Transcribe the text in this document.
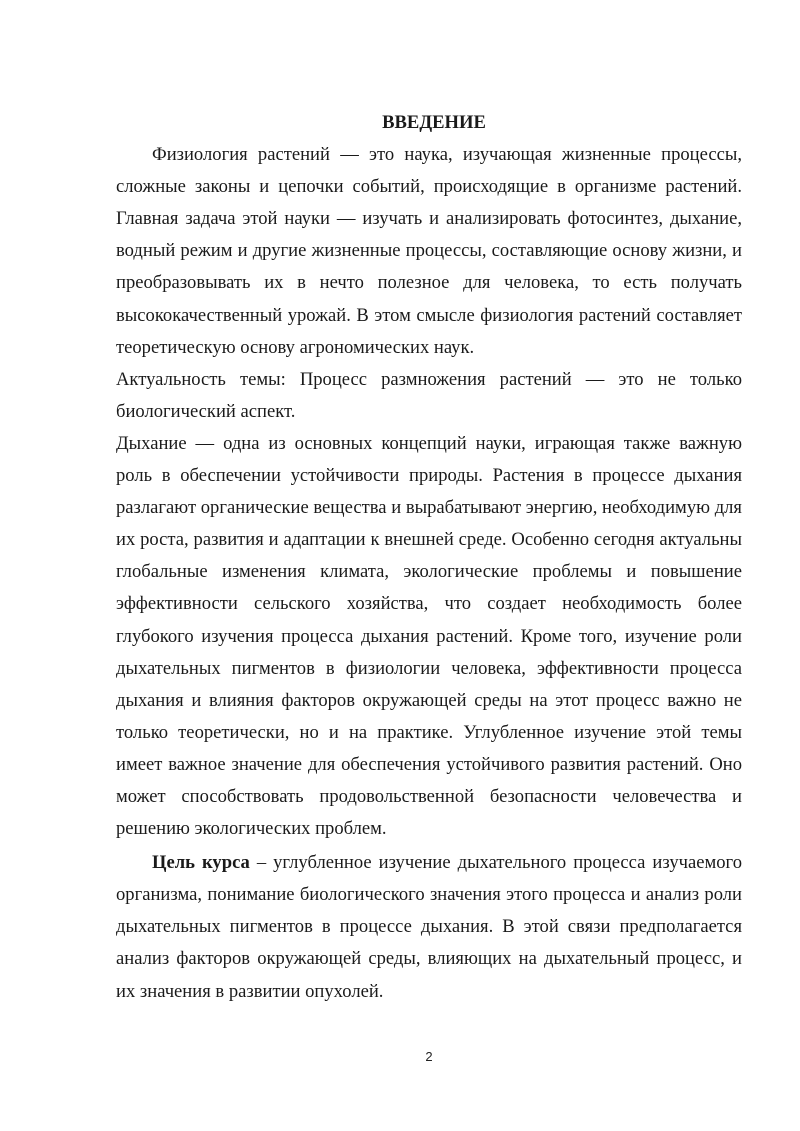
ВВЕДЕНИЕ

Физиология растений — это наука, изучающая жизненные процессы, сложные законы и цепочки событий, происходящие в организме растений. Главная задача этой науки — изучать и анализировать фотосинтез, дыхание, водный режим и другие жизненные процессы, составляющие основу жизни, и преобразовывать их в нечто полезное для человека, то есть получать высококачественный урожай. В этом смысле физиология растений составляет теоретическую основу агрономических наук.

Актуальность темы: Процесс размножения растений — это не только биологический аспект.

Дыхание — одна из основных концепций науки, играющая также важную роль в обеспечении устойчивости природы. Растения в процессе дыхания разлагают органические вещества и вырабатывают энергию, необходимую для их роста, развития и адаптации к внешней среде. Особенно сегодня актуальны глобальные изменения климата, экологические проблемы и повышение эффективности сельского хозяйства, что создает необходимость более глубокого изучения процесса дыхания растений. Кроме того, изучение роли дыхательных пигментов в физиологии человека, эффективности процесса дыхания и влияния факторов окружающей среды на этот процесс важно не только теоретически, но и на практике. Углубленное изучение этой темы имеет важное значение для обеспечения устойчивого развития растений. Оно может способствовать продовольственной безопасности человечества и решению экологических проблем.

Цель курса – углубленное изучение дыхательного процесса изучаемого организма, понимание биологического значения этого процесса и анализ роли дыхательных пигментов в процессе дыхания. В этой связи предполагается анализ факторов окружающей среды, влияющих на дыхательный процесс, и их значения в развитии опухолей.

2
